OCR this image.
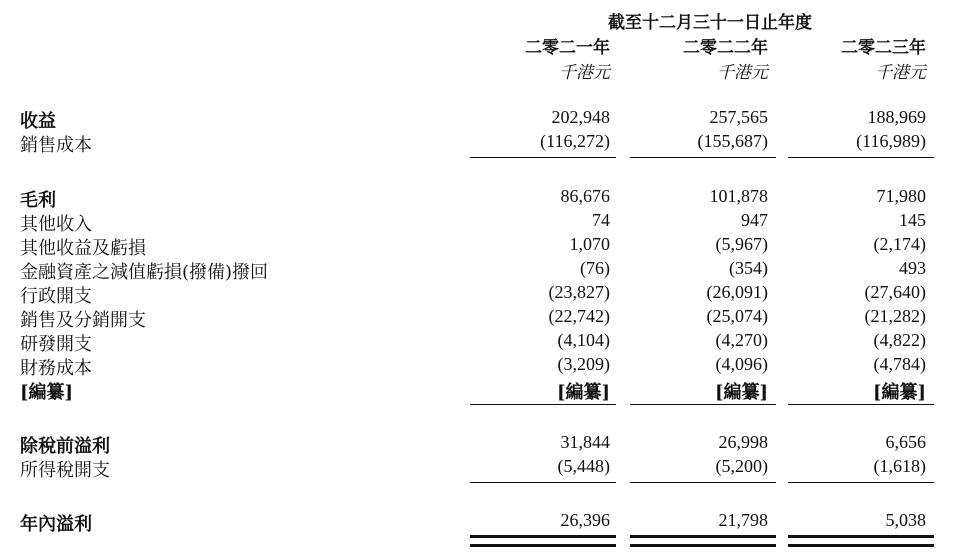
截至十二月三十一日止年度
二零二一年	二零二二年	二零二三年
千港元	千港元	千港元
收益	202,948	257,565	188,969
銷售成本	(116,272)	(155,687)	(116,989)
毛利	86,676	101,878	71,980
其他收入	74	947	145
其他收益及虧損	1,070	(5,967)	(2,174)
金融資產之減值虧損(撥備)撥回	(76)	(354)	493
行政開支	(23,827)	(26,091)	(27,640)
銷售及分銷開支	(22,742)	(25,074)	(21,282)
研發開支	(4,104)	(4,270)	(4,822)
財務成本	(3,209)	(4,096)	(4,784)
[編纂]	[編纂]	[編纂]	[編纂]
除稅前溢利	31,844	26,998	6,656
所得稅開支	(5,448)	(5,200)	(1,618)
年內溢利	26,396	21,798	5,038
